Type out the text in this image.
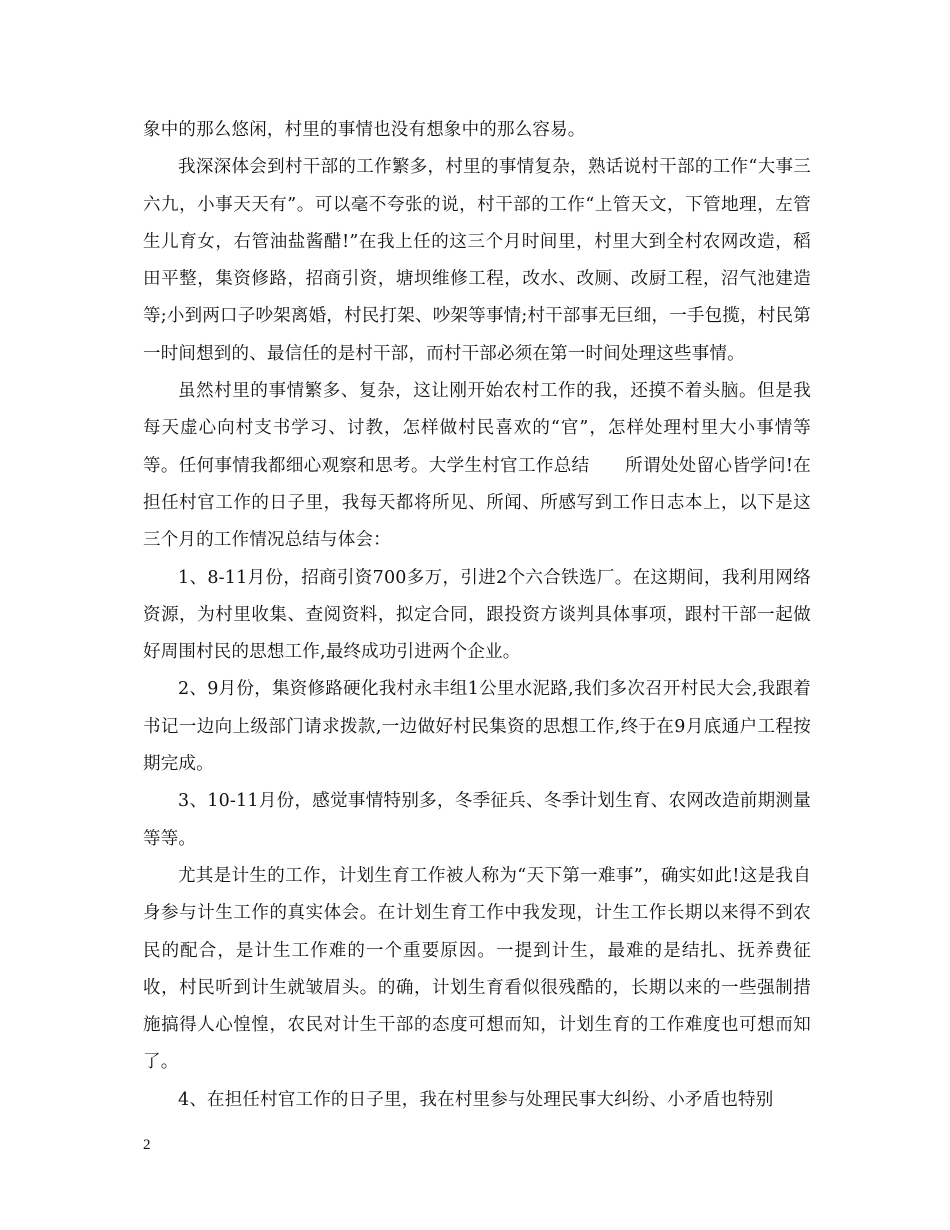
象中的那么悠闲，村里的事情也没有想象中的那么容易。

我深深体会到村干部的工作繁多，村里的事情复杂，熟话说村干部的工作“大事三六九，小事天天有”。可以毫不夸张的说，村干部的工作“上管天文，下管地理，左管生儿育女，右管油盐酱醋!”在我上任的这三个月时间里，村里大到全村农网改造，稻田平整，集资修路，招商引资，塘坝维修工程，改水、改厕、改厨工程，沼气池建造等;小到两口子吵架离婚，村民打架、吵架等事情;村干部事无巨细，一手包揽，村民第一时间想到的、最信任的是村干部，而村干部必须在第一时间处理这些事情。

虽然村里的事情繁多、复杂，这让刚开始农村工作的我，还摸不着头脑。但是我每天虚心向村支书学习、讨教，怎样做村民喜欢的“官”，怎样处理村里大小事情等等。任何事情我都细心观察和思考。大学生村官工作总结　　所谓处处留心皆学问!在担任村官工作的日子里，我每天都将所见、所闻、所感写到工作日志本上，以下是这三个月的工作情况总结与体会：

1、8-11月份，招商引资700多万，引进2个六合铁选厂。在这期间，我利用网络资源，为村里收集、查阅资料，拟定合同，跟投资方谈判具体事项，跟村干部一起做好周围村民的思想工作,最终成功引进两个企业。

2、9月份，集资修路硬化我村永丰组1公里水泥路,我们多次召开村民大会,我跟着书记一边向上级部门请求拨款,一边做好村民集资的思想工作,终于在9月底通户工程按期完成。

3、10-11月份，感觉事情特别多，冬季征兵、冬季计划生育、农网改造前期测量等等。

尤其是计生的工作，计划生育工作被人称为“天下第一难事”，确实如此!这是我自身参与计生工作的真实体会。在计划生育工作中我发现，计生工作长期以来得不到农民的配合，是计生工作难的一个重要原因。一提到计生，最难的是结扎、抚养费征收，村民听到计生就皱眉头。的确，计划生育看似很残酷的，长期以来的一些强制措施搞得人心惶惶，农民对计生干部的态度可想而知，计划生育的工作难度也可想而知了。

4、在担任村官工作的日子里，我在村里参与处理民事大纠纷、小矛盾也特别

2
